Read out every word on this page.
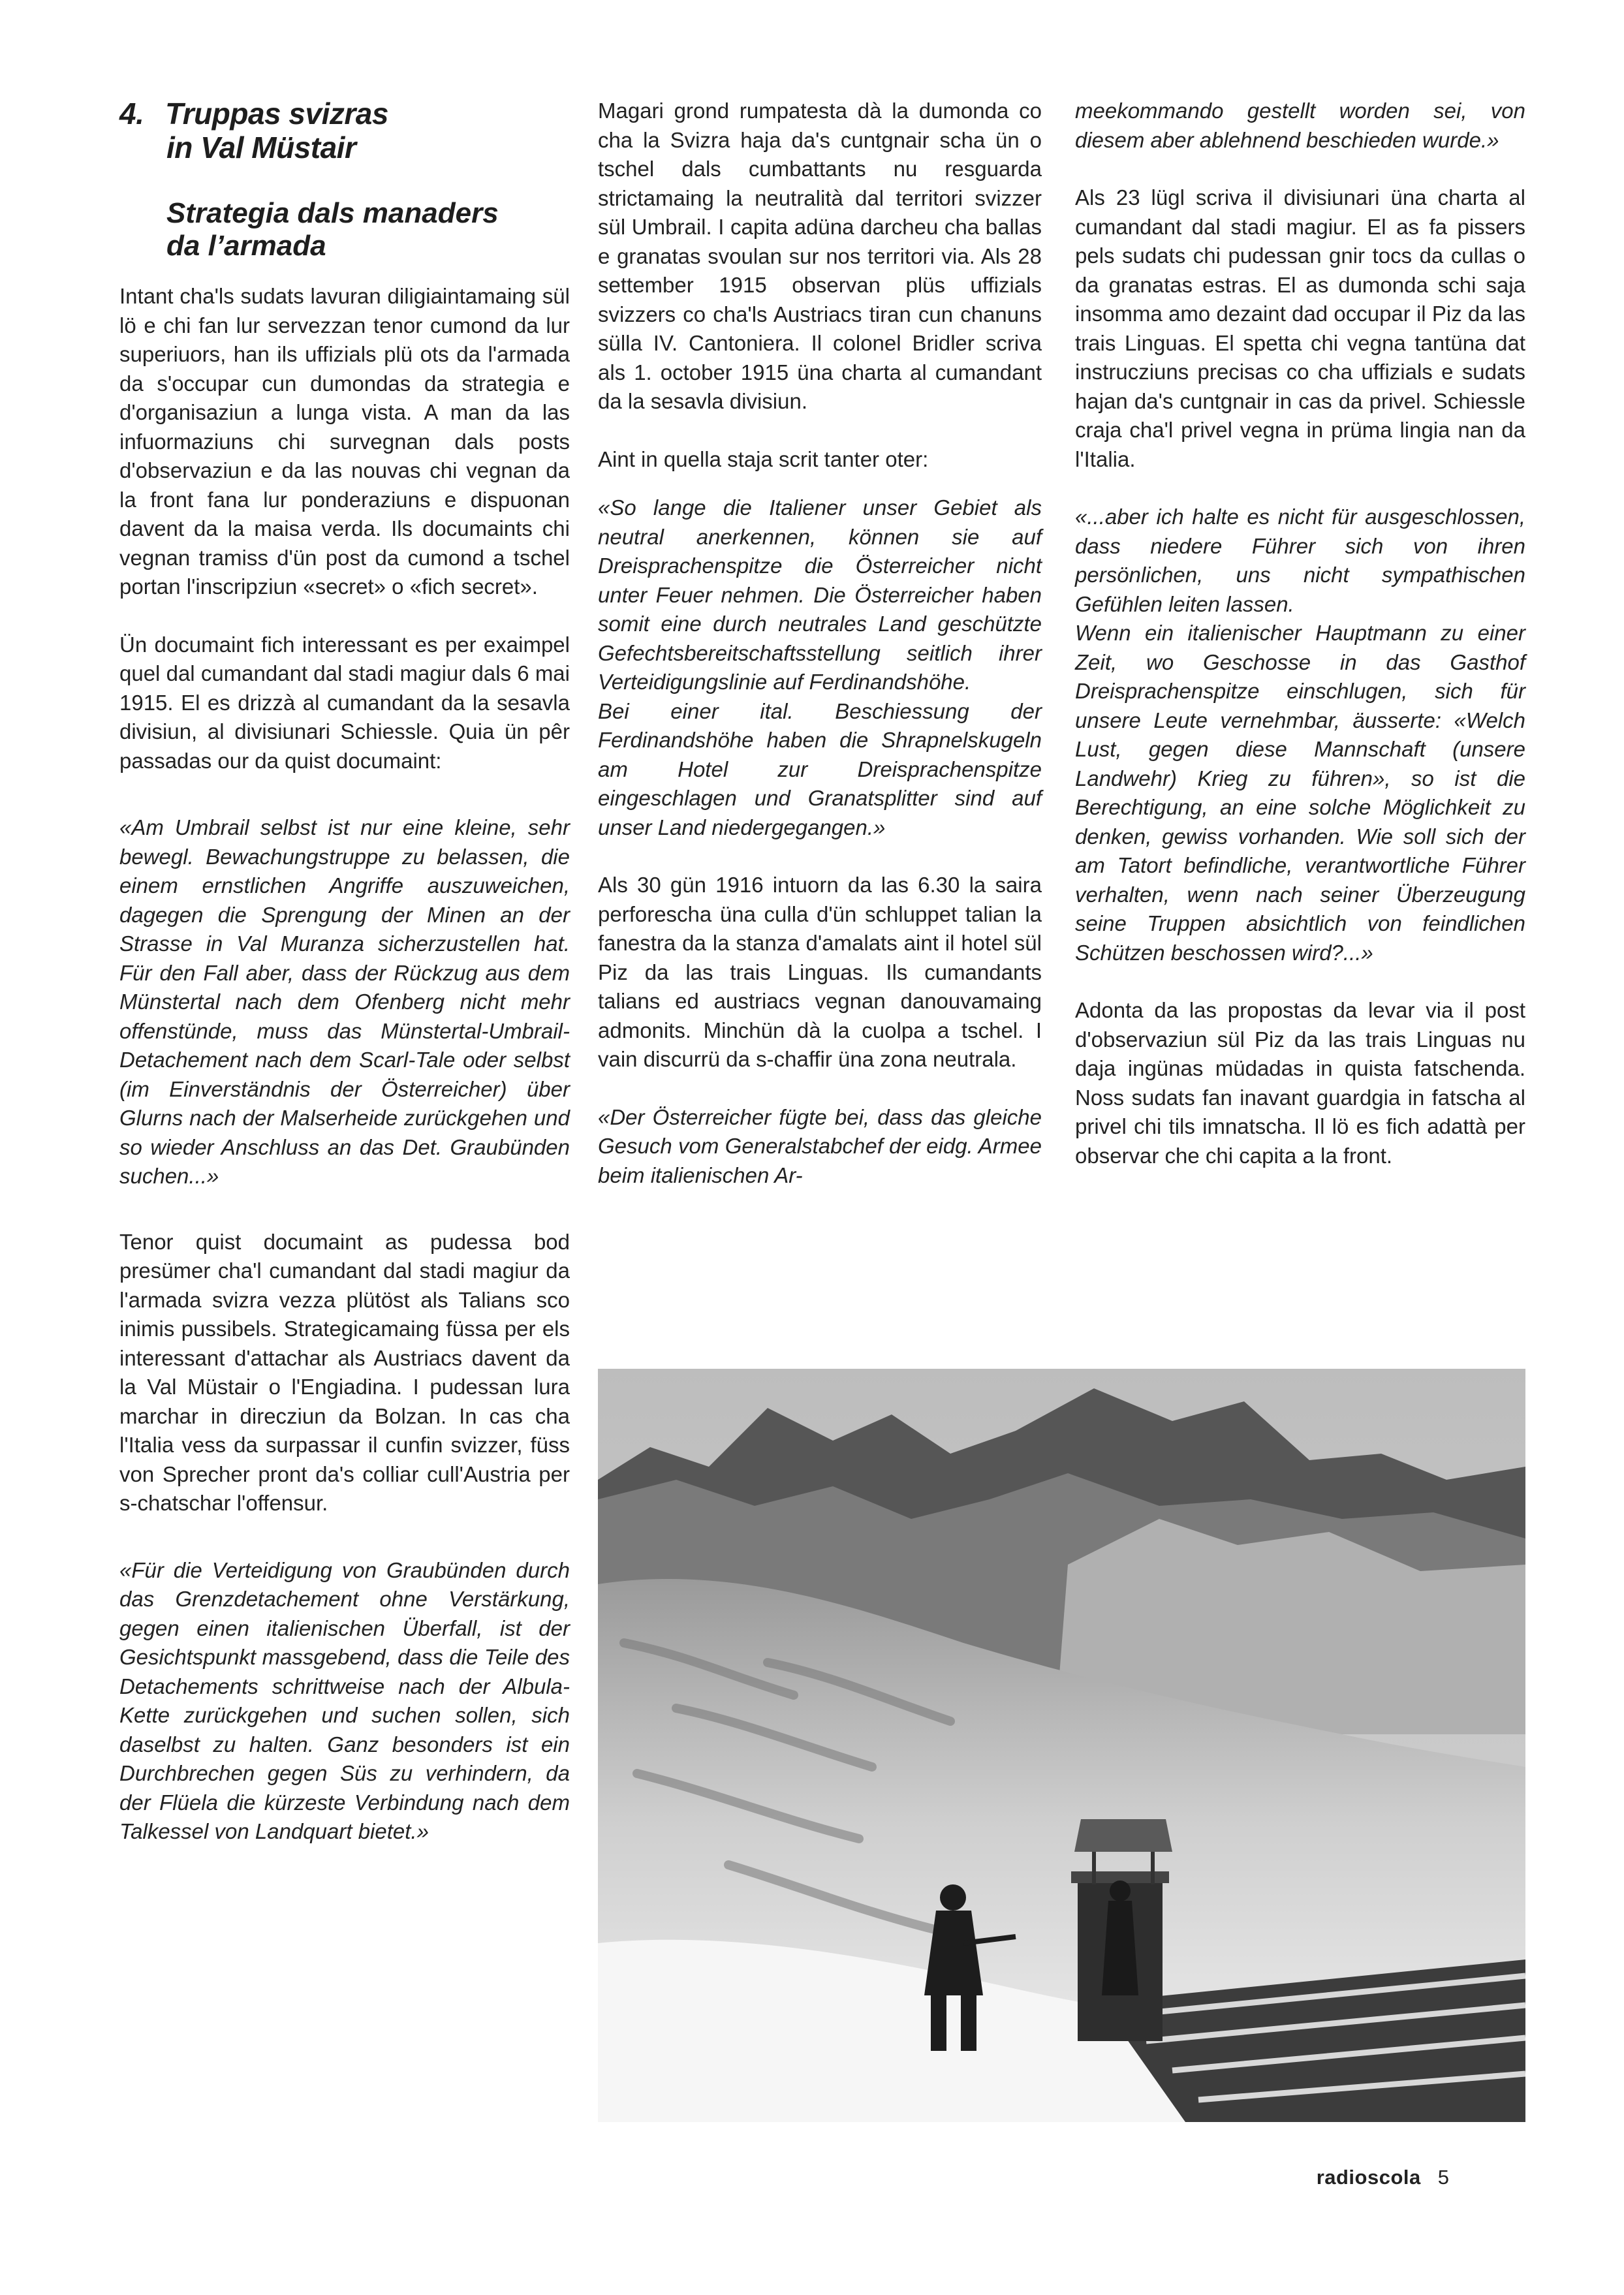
4. Truppas svizras
in Val Müstair
Strategia dals manaders
da l’armada

Intant cha'ls sudats lavuran diligiaintamaing sül lö e chi fan lur servezzan tenor cumond da lur superiuors, han ils uffizials plü ots da l'armada da s'occupar cun dumondas da strategia e d'organisaziun a lunga vista. A man da las infuormaziuns chi survegnan dals posts d'observaziun e da las nouvas chi vegnan da la front fana lur ponderaziuns e dispuonan davent da la maisa verda. Ils documaints chi vegnan tramiss d'ün post da cumond a tschel portan l'inscripziun «secret» o «fich secret».

Ün documaint fich interessant es per exaimpel quel dal cumandant dal stadi magiur dals 6 mai 1915. El es drizzà al cumandant da la sesavla divisiun, al divisiunari Schiessle. Quia ün pêr passadas our da quist documaint:

«Am Umbrail selbst ist nur eine kleine, sehr bewegl. Bewachungstruppe zu belassen, die einem ernstlichen Angriffe auszuweichen, dagegen die Sprengung der Minen an der Strasse in Val Muranza sicherzustellen hat. Für den Fall aber, dass der Rückzug aus dem Münstertal nach dem Ofenberg nicht mehr offenstünde, muss das Münstertal-Umbrail-Detachement nach dem Scarl-Tale oder selbst (im Einverständnis der Österreicher) über Glurns nach der Malserheide zurückgehen und so wieder Anschluss an das Det. Graubünden suchen...»

Tenor quist documaint as pudessa bod presümer cha'l cumandant dal stadi magiur da l'armada svizra vezza plütöst als Talians sco inimis pussibels. Strategicamaing füssa per els interessant d'attachar als Austriacs davent da la Val Müstair o l'Engiadina. I pudessan lura marchar in direcziun da Bolzan. In cas cha l'Italia vess da surpassar il cunfin svizzer, füss von Sprecher pront da's colliar cull'Austria per s-chatschar l'offensur.

«Für die Verteidigung von Graubünden durch das Grenzdetachement ohne Verstärkung, gegen einen italienischen Überfall, ist der Gesichtspunkt massgebend, dass die Teile des Detachements schrittweise nach der Albula-Kette zurückgehen und suchen sollen, sich daselbst zu halten. Ganz besonders ist ein Durchbrechen gegen Süs zu verhindern, da der Flüela die kürzeste Verbindung nach dem Talkessel von Landquart bietet.»

Magari grond rumpatesta dà la dumonda co cha la Svizra haja da's cuntgnair scha ün o tschel dals cumbattants nu resguarda strictamaing la neutralità dal territori svizzer sül Umbrail. I capita adüna darcheu cha ballas e granatas svoulan sur nos territori via. Als 28 settember 1915 observan plüs uffizials svizzers co cha'ls Austriacs tiran cun chanuns sülla IV. Cantoniera. Il colonel Bridler scriva als 1. october 1915 üna charta al cumandant da la sesavla divisiun.

Aint in quella staja scrit tanter oter:

«So lange die Italiener unser Gebiet als neutral anerkennen, können sie auf Dreisprachenspitze die Österreicher nicht unter Feuer nehmen. Die Österreicher haben somit eine durch neutrales Land geschützte Gefechtsbereitschaftsstellung seitlich ihrer Verteidigungslinie auf Ferdinandshöhe.

Bei einer ital. Beschiessung der Ferdinandshöhe haben die Shrapnelskugeln am Hotel zur Dreisprachenspitze eingeschlagen und Granatsplitter sind auf unser Land niedergegangen.»

Als 30 gün 1916 intuorn da las 6.30 la saira perforescha üna culla d'ün schluppet talian la fanestra da la stanza d'amalats aint il hotel sül Piz da las trais Linguas. Ils cumandants talians ed austriacs vegnan danouvamaing admonits. Minchün dà la cuolpa a tschel. I vain discurrü da s-chaffir üna zona neutrala.

«Der Österreicher fügte bei, dass das gleiche Gesuch vom Generalstabchef der eidg. Armee beim italienischen Ar-

meekommando gestellt worden sei, von diesem aber ablehnend beschieden wurde.»

Als 23 lügl scriva il divisiunari üna charta al cumandant dal stadi magiur. El as fa pissers pels sudats chi pudessan gnir tocs da cullas o da granatas estras. El as dumonda schi saja insomma amo dezaint dad occupar il Piz da las trais Linguas. El spetta chi vegna tantüna dat instrucziuns precisas co cha uffizials e sudats hajan da's cuntgnair in cas da privel. Schiessle craja cha'l privel vegna in prüma lingia nan da l'Italia.

«...aber ich halte es nicht für ausgeschlossen, dass niedere Führer sich von ihren persönlichen, uns nicht sympathischen Gefühlen leiten lassen.

Wenn ein italienischer Hauptmann zu einer Zeit, wo Geschosse in das Gasthof Dreisprachenspitze einschlugen, sich für unsere Leute vernehmbar, äusserte: «Welch Lust, gegen diese Mannschaft (unsere Landwehr) Krieg zu führen», so ist die Berechtigung, an eine solche Möglichkeit zu denken, gewiss vorhanden. Wie soll sich der am Tatort befindliche, verantwortliche Führer verhalten, wenn nach seiner Überzeugung seine Truppen absichtlich von feindlichen Schützen beschossen wird?...»

Adonta da las propostas da levar via il post d'observaziun sül Piz da las trais Linguas nu daja ingünas müdadas in quista fatschenda. Noss sudats fan inavant guardgia in fatscha al privel chi tils imnatscha. Il lö es fich adattà per observar che chi capita a la front.

radioscola 5
